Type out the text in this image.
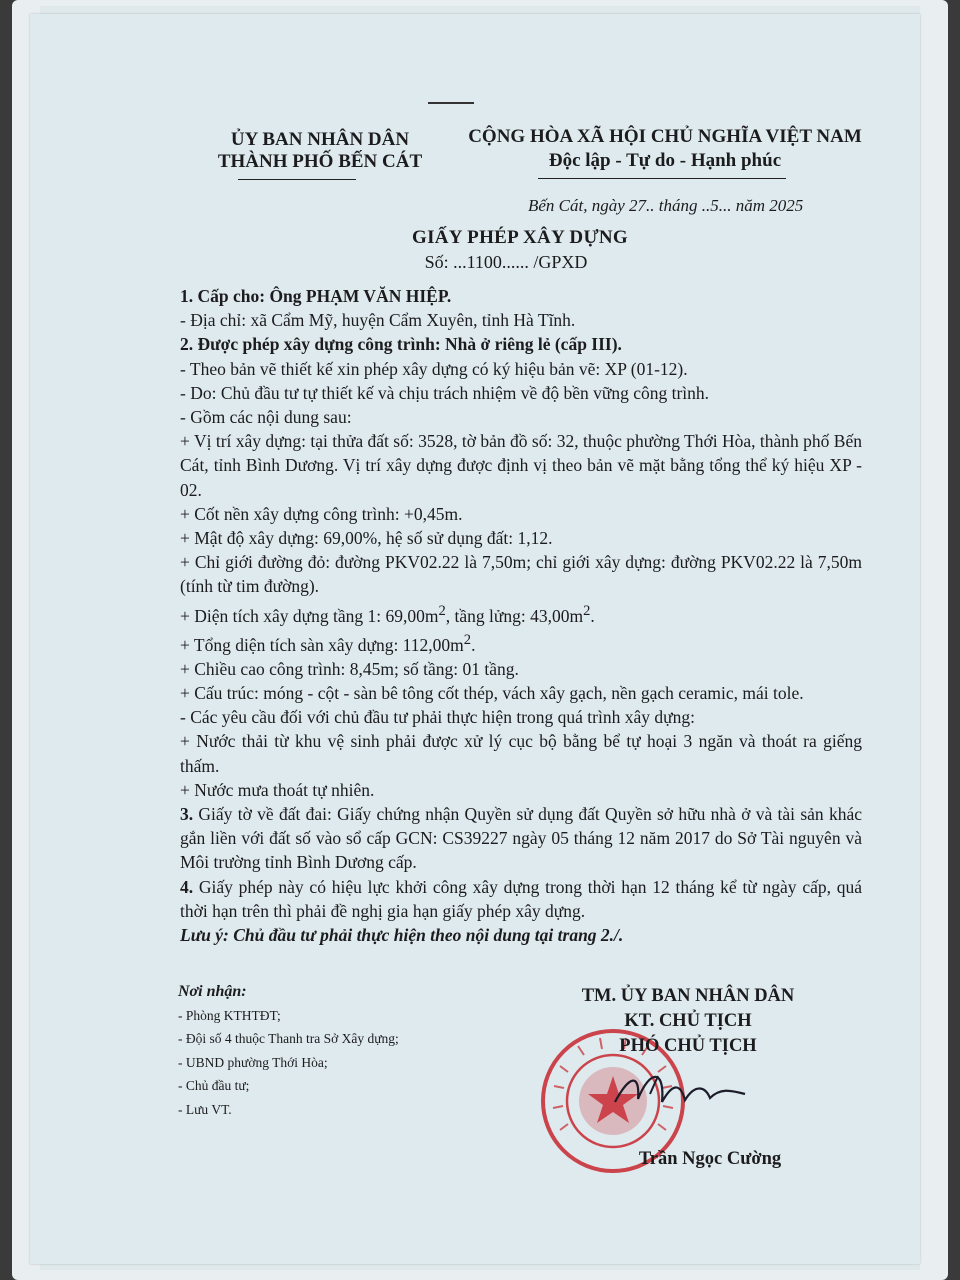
ỦY BAN NHÂN DÂN
THÀNH PHỐ BẾN CÁT
CỘNG HÒA XÃ HỘI CHỦ NGHĨA VIỆT NAM
Độc lập - Tự do - Hạnh phúc
Bến Cát, ngày 27.. tháng ..5... năm 2025
GIẤY PHÉP XÂY DỰNG
Số: ...1100...... /GPXD

1. Cấp cho: Ông PHẠM VĂN HIỆP.

- Địa chỉ: xã Cẩm Mỹ, huyện Cẩm Xuyên, tỉnh Hà Tĩnh.

2. Được phép xây dựng công trình: Nhà ở riêng lẻ (cấp III).

- Theo bản vẽ thiết kế xin phép xây dựng có ký hiệu bản vẽ: XP (01-12).

- Do: Chủ đầu tư tự thiết kế và chịu trách nhiệm về độ bền vững công trình.

- Gồm các nội dung sau:

+ Vị trí xây dựng: tại thửa đất số: 3528, tờ bản đồ số: 32, thuộc phường Thới Hòa, thành phố Bến Cát, tỉnh Bình Dương. Vị trí xây dựng được định vị theo bản vẽ mặt bằng tổng thể ký hiệu XP - 02.

+ Cốt nền xây dựng công trình: +0,45m.

+ Mật độ xây dựng: 69,00%, hệ số sử dụng đất: 1,12.

+ Chỉ giới đường đỏ: đường PKV02.22 là 7,50m; chỉ giới xây dựng: đường PKV02.22 là 7,50m (tính từ tim đường).

+ Diện tích xây dựng tầng 1: $69,00m^2$, tầng lửng: $43,00m^2$.

+ Tổng diện tích sàn xây dựng: $112,00m^2$.

+ Chiều cao công trình: 8,45m; số tầng: 01 tầng.

+ Cấu trúc: móng - cột - sàn bê tông cốt thép, vách xây gạch, nền gạch ceramic, mái tole.

- Các yêu cầu đối với chủ đầu tư phải thực hiện trong quá trình xây dựng:

+ Nước thải từ khu vệ sinh phải được xử lý cục bộ bằng bể tự hoại 3 ngăn và thoát ra giếng thấm.

+ Nước mưa thoát tự nhiên.

3. Giấy tờ về đất đai: Giấy chứng nhận Quyền sử dụng đất Quyền sở hữu nhà ở và tài sản khác gắn liền với đất số vào sổ cấp GCN: CS39227 ngày 05 tháng 12 năm 2017 do Sở Tài nguyên và Môi trường tỉnh Bình Dương cấp.

4. Giấy phép này có hiệu lực khởi công xây dựng trong thời hạn 12 tháng kể từ ngày cấp, quá thời hạn trên thì phải đề nghị gia hạn giấy phép xây dựng.

Lưu ý: Chủ đầu tư phải thực hiện theo nội dung tại trang 2./.

Nơi nhận:
- Phòng KTHTĐT;
- Đội số 4 thuộc Thanh tra Sở Xây dựng;
- UBND phường Thới Hòa;
- Chủ đầu tư;
- Lưu VT.
TM. ỦY BAN NHÂN DÂN
KT. CHỦ TỊCH
PHÓ CHỦ TỊCH
Trần Ngọc Cường
